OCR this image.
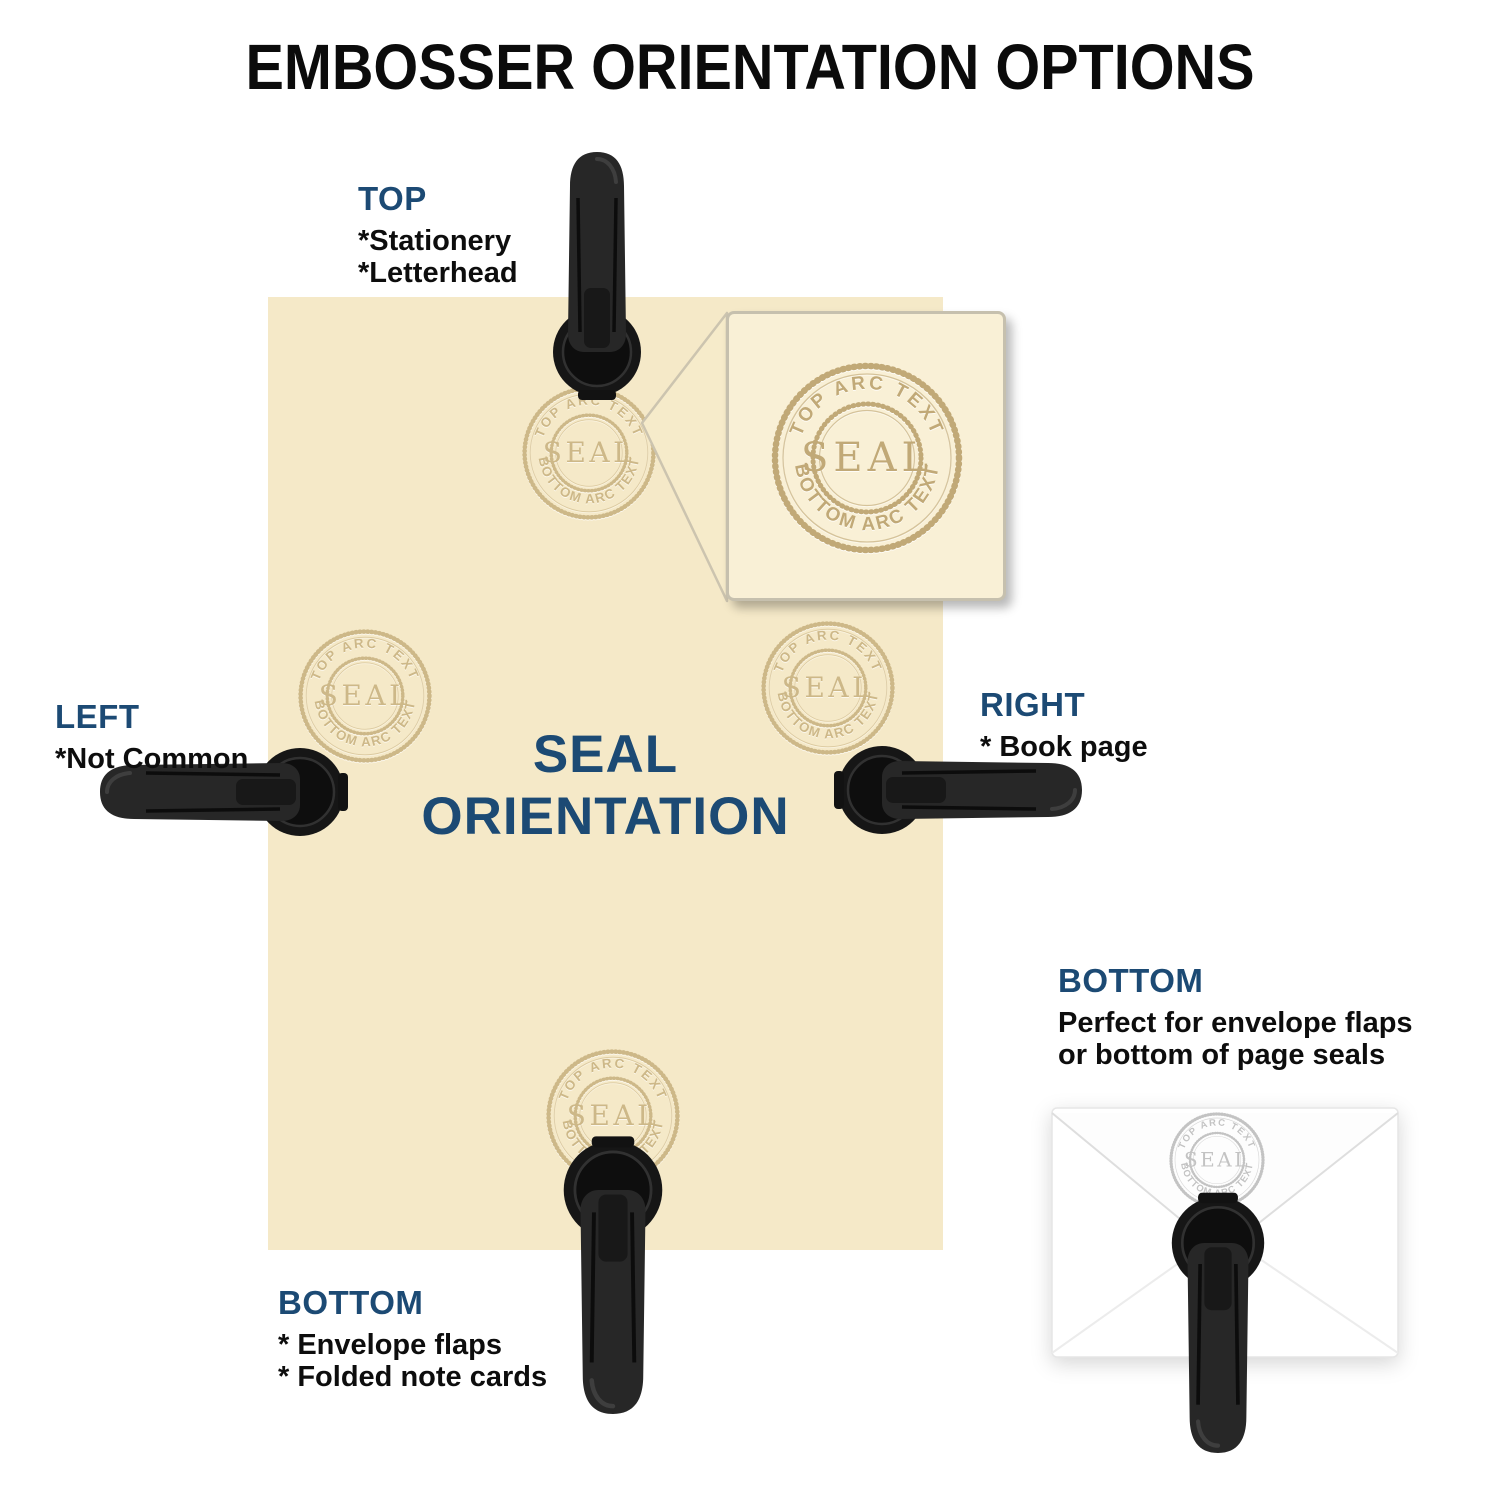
EMBOSSER ORIENTATION OPTIONS
SEAL
ORIENTATION
TOP

*Stationery

*Letterhead

LEFT

*Not Common

RIGHT

* Book page

BOTTOM

* Envelope flaps

* Folded note cards

BOTTOM

Perfect for envelope flaps

or bottom of page seals
